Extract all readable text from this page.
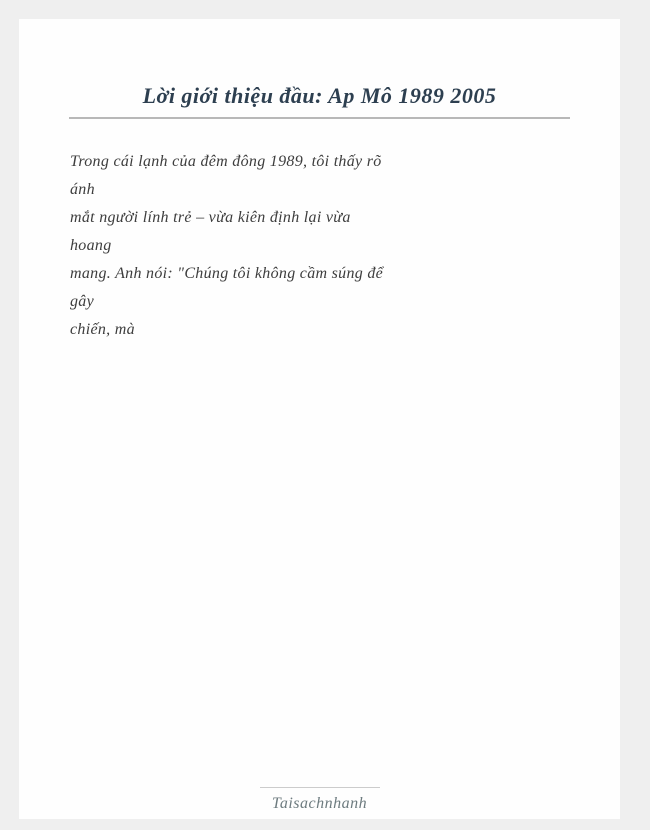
Lời giới thiệu đầu: Ap Mô 1989 2005

Trong cái lạnh của đêm đông 1989, tôi thấy rõ

ánh

mắt người lính trẻ – vừa kiên định lại vừa

hoang

mang. Anh nói: "Chúng tôi không cầm súng để

gây

chiến, mà

Taisachnhanh
